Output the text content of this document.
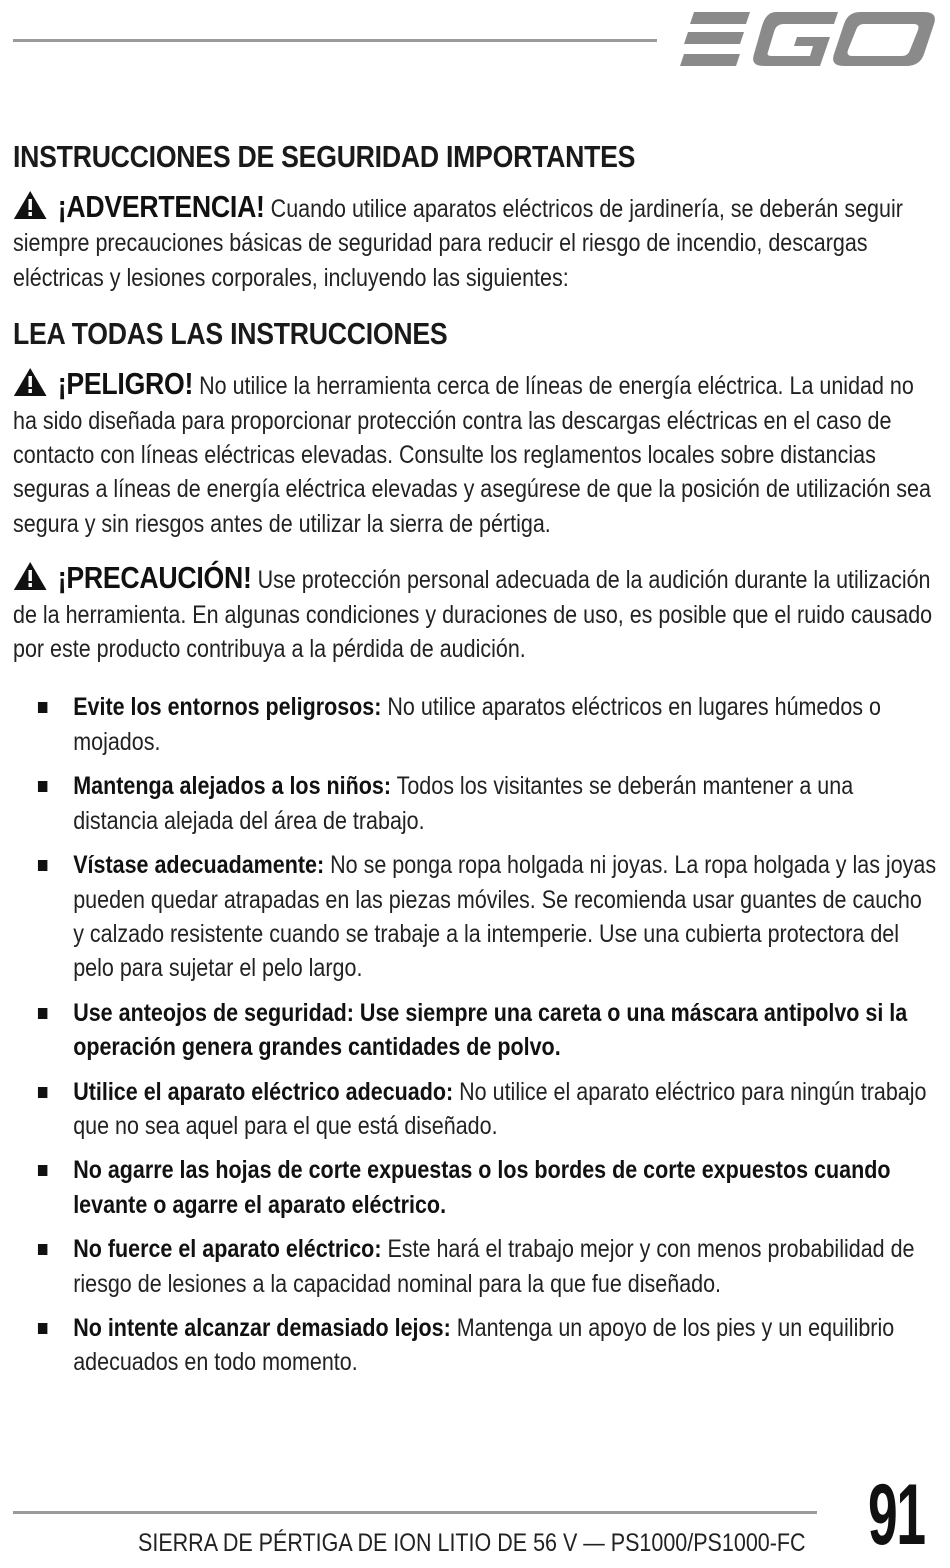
INSTRUCCIONES DE SEGURIDAD IMPORTANTES
¡ADVERTENCIA! Cuando utilice aparatos eléctricos de jardinería, se deberán seguir siempre precauciones básicas de seguridad para reducir el riesgo de incendio, descargas eléctricas y lesiones corporales, incluyendo las siguientes:
LEA TODAS LAS INSTRUCCIONES
¡PELIGRO! No utilice la herramienta cerca de líneas de energía eléctrica. La unidad no ha sido diseñada para proporcionar protección contra las descargas eléctricas en el caso de contacto con líneas eléctricas elevadas. Consulte los reglamentos locales sobre distancias seguras a líneas de energía eléctrica elevadas y asegúrese de que la posición de utilización sea segura y sin riesgos antes de utilizar la sierra de pértiga.
¡PRECAUCIÓN! Use protección personal adecuada de la audición durante la utilización de la herramienta. En algunas condiciones y duraciones de uso, es posible que el ruido causado por este producto contribuya a la pérdida de audición.
Evite los entornos peligrosos: No utilice aparatos eléctricos en lugares húmedos o mojados.
Mantenga alejados a los niños: Todos los visitantes se deberán mantener a una distancia alejada del área de trabajo.
Vístase adecuadamente: No se ponga ropa holgada ni joyas. La ropa holgada y las joyas pueden quedar atrapadas en las piezas móviles. Se recomienda usar guantes de caucho y calzado resistente cuando se trabaje a la intemperie. Use una cubierta protectora del pelo para sujetar el pelo largo.
Use anteojos de seguridad: Use siempre una careta o una máscara antipolvo si la operación genera grandes cantidades de polvo.
Utilice el aparato eléctrico adecuado: No utilice el aparato eléctrico para ningún trabajo que no sea aquel para el que está diseñado.
No agarre las hojas de corte expuestas o los bordes de corte expuestos cuando levante o agarre el aparato eléctrico.
No fuerce el aparato eléctrico: Este hará el trabajo mejor y con menos probabilidad de riesgo de lesiones a la capacidad nominal para la que fue diseñado.
No intente alcanzar demasiado lejos: Mantenga un apoyo de los pies y un equilibrio adecuados en todo momento.
SIERRA DE PÉRTIGA DE ION LITIO DE 56 V — PS1000/PS1000-FC 91
